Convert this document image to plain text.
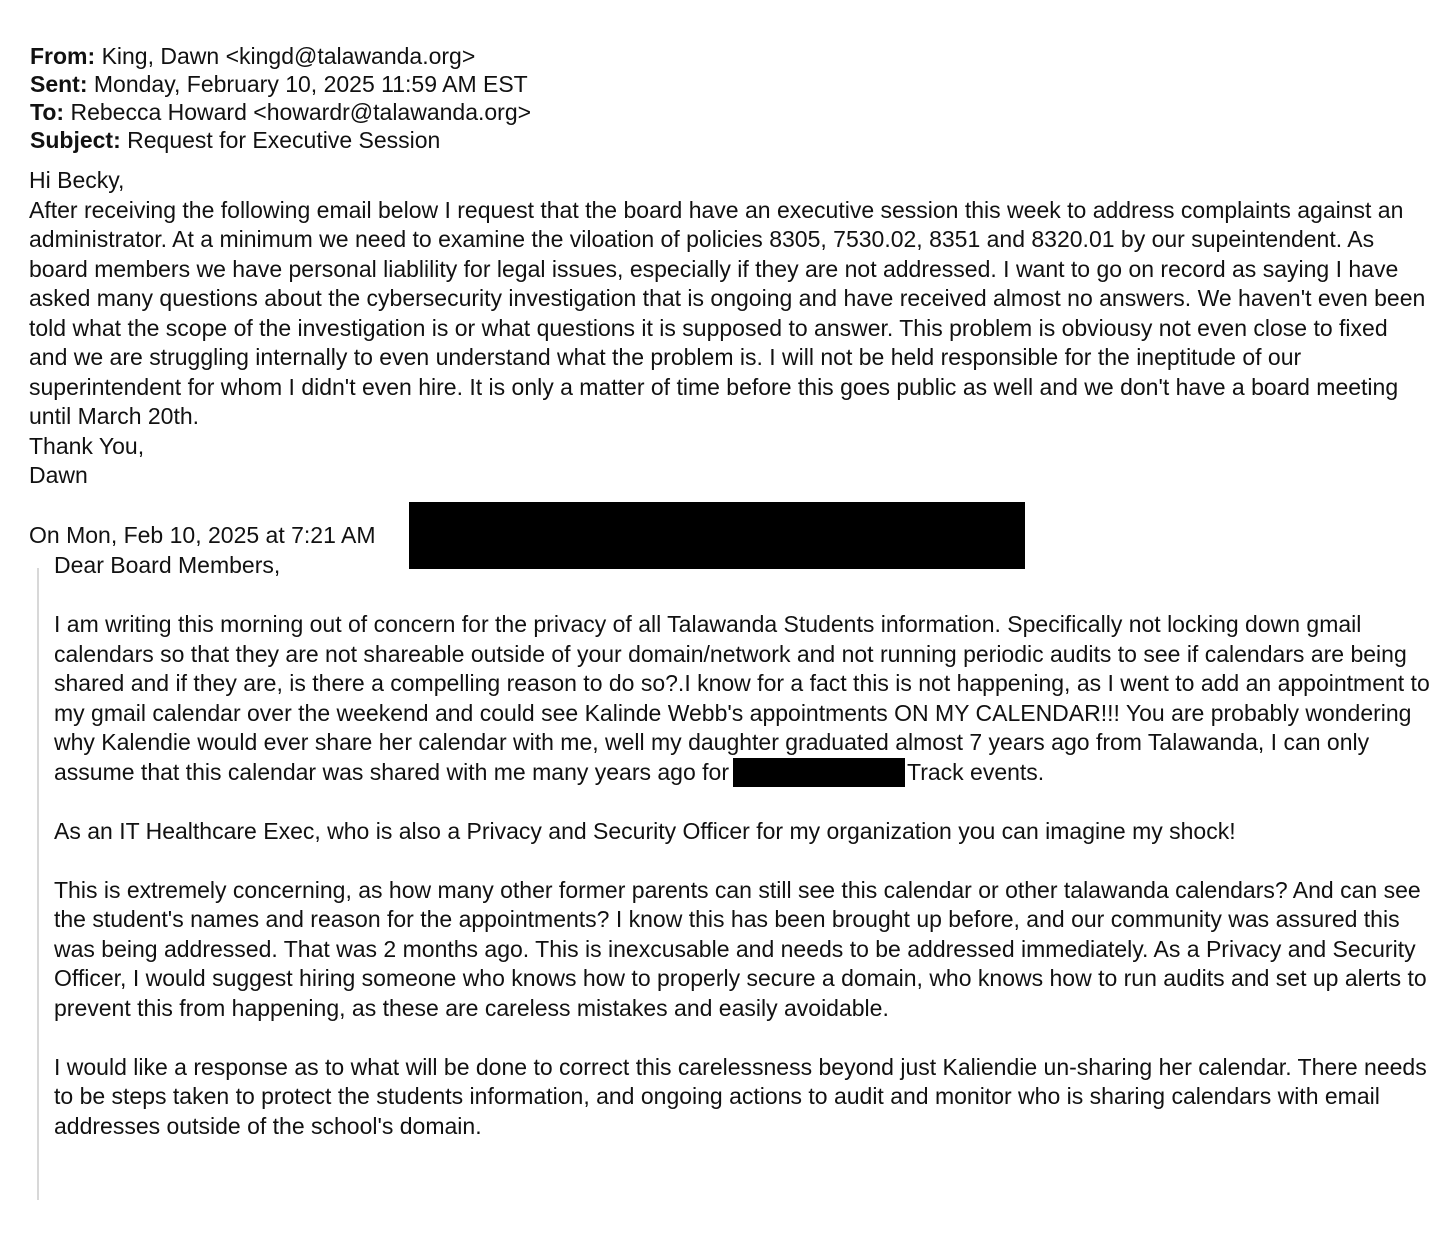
From: King, Dawn <kingd@talawanda.org>
Sent: Monday, February 10, 2025 11:59 AM EST
To: Rebecca Howard <howardr@talawanda.org>
Subject: Request for Executive Session

Hi Becky,

After receiving the following email below I request that the board have an executive session this week to address complaints against an administrator. At a minimum we need to examine the viloation of policies 8305, 7530.02, 8351 and 8320.01 by our supeintendent. As board members we have personal liablility for legal issues, especially if they are not addressed. I want to go on record as saying I have asked many questions about the cybersecurity investigation that is ongoing and have received almost no answers. We haven't even been told what the scope of the investigation is or what questions it is supposed to answer. This problem is obviousy not even close to fixed and we are struggling internally to even understand what the problem is. I will not be held responsible for the ineptitude of our superintendent for whom I didn't even hire. It is only a matter of time before this goes public as well and we don't have a board meeting until March 20th.

Thank You,

Dawn

On Mon, Feb 10, 2025 at 7:21 AM

Dear Board Members,

I am writing this morning out of concern for the privacy of all Talawanda Students information. Specifically not locking down gmail calendars so that they are not shareable outside of your domain/network and not running periodic audits to see if calendars are being shared and if they are, is there a compelling reason to do so?.I know for a fact this is not happening, as I went to add an appointment to my gmail calendar over the weekend and could see Kalinde Webb's appointments ON MY CALENDAR!!! You are probably wondering why Kalendie would ever share her calendar with me, well my daughter graduated almost 7 years ago from Talawanda, I can only assume that this calendar was shared with me many years ago for	Track events.

As an IT Healthcare Exec, who is also a Privacy and Security Officer for my organization you can imagine my shock!

This is extremely concerning, as how many other former parents can still see this calendar or other talawanda calendars? And can see the student's names and reason for the appointments? I know this has been brought up before, and our community was assured this was being addressed. That was 2 months ago. This is inexcusable and needs to be addressed immediately. As a Privacy and Security Officer, I would suggest hiring someone who knows how to properly secure a domain, who knows how to run audits and set up alerts to prevent this from happening, as these are careless mistakes and easily avoidable.

I would like a response as to what will be done to correct this carelessness beyond just Kaliendie un-sharing her calendar. There needs to be steps taken to protect the students information, and ongoing actions to audit and monitor who is sharing calendars with email addresses outside of the school's domain.
